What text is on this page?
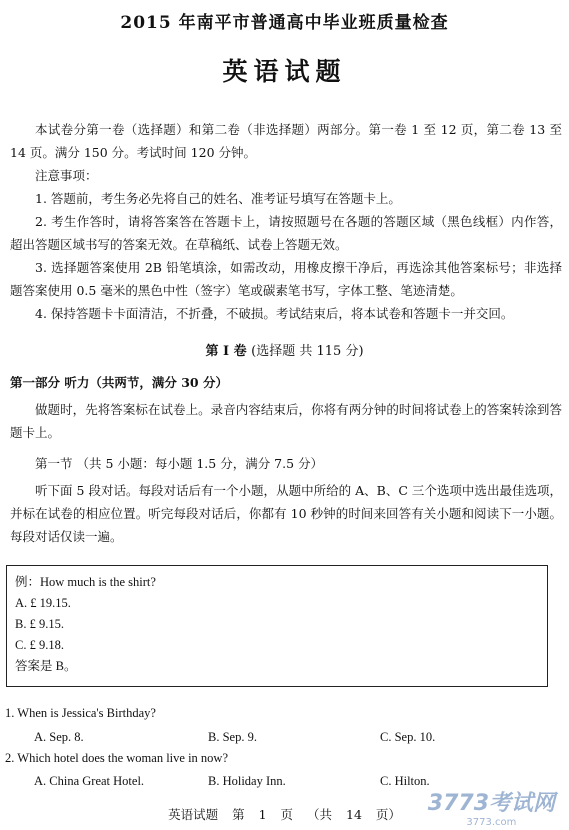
2015 年南平市普通高中毕业班质量检查
英语试题
本试卷分第一卷（选择题）和第二卷（非选择题）两部分。第一卷 1 至 12 页，第二卷 13 至 14 页。满分 150 分。考试时间 120 分钟。
注意事项：
1. 答题前，考生务必先将自己的姓名、准考证号填写在答题卡上。
2. 考生作答时，请将答案答在答题卡上，请按照题号在各题的答题区域（黑色线框）内作答，超出答题区域书写的答案无效。在草稿纸、试卷上答题无效。
3. 选择题答案使用 2B 铅笔填涂，如需改动，用橡皮擦干净后，再选涂其他答案标号；非选择题答案使用 0.5 毫米的黑色中性（签字）笔或碳素笔书写，字体工整、笔迹清楚。
4. 保持答题卡卡面清洁，不折叠，不破损。考试结束后，将本试卷和答题卡一并交回。
第 I 卷 (选择题 共 115 分)
第一部分 听力（共两节，满分 30 分）
做题时，先将答案标在试卷上。录音内容结束后，你将有两分钟的时间将试卷上的答案转涂到答题卡上。
第一节 （共 5 小题：每小题 1.5 分，满分 7.5 分）
听下面 5 段对话。每段对话后有一个小题，从题中所给的 A、B、C 三个选项中选出最佳选项，并标在试卷的相应位置。听完每段对话后，你都有 10 秒钟的时间来回答有关小题和阅读下一小题。每段对话仅读一遍。
例：How much is the shirt?
A. £ 19.15.
B. £ 9.15.
C. £ 9.18.
答案是 B。
1. When is Jessica's Birthday?
A. Sep. 8.	B. Sep. 9.	C. Sep. 10.
2. Which hotel does the woman live in now?
A. China Great Hotel.	B. Holiday Inn.	C. Hilton.
英语试题 第 1 页 （共 14 页）	3773考试网
3773.com
